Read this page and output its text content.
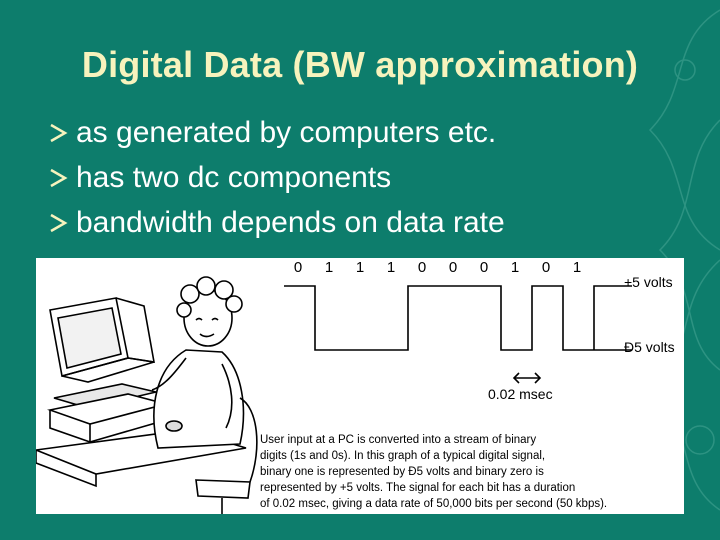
Digital Data (BW approximation)
as generated by computers etc.
has two dc components
bandwidth depends on data rate
0	1	1	1	0	0	0	1	0	1
+5 volts
Ð5 volts
0.02 msec
User input at a PC is converted into a stream of binary
digits (1s and 0s). In this graph of a typical digital signal,
binary one is represented by Ð5 volts and binary zero is
represented by +5 volts. The signal for each bit has a duration
of 0.02 msec, giving a data rate of 50,000 bits per second (50 kbps).
